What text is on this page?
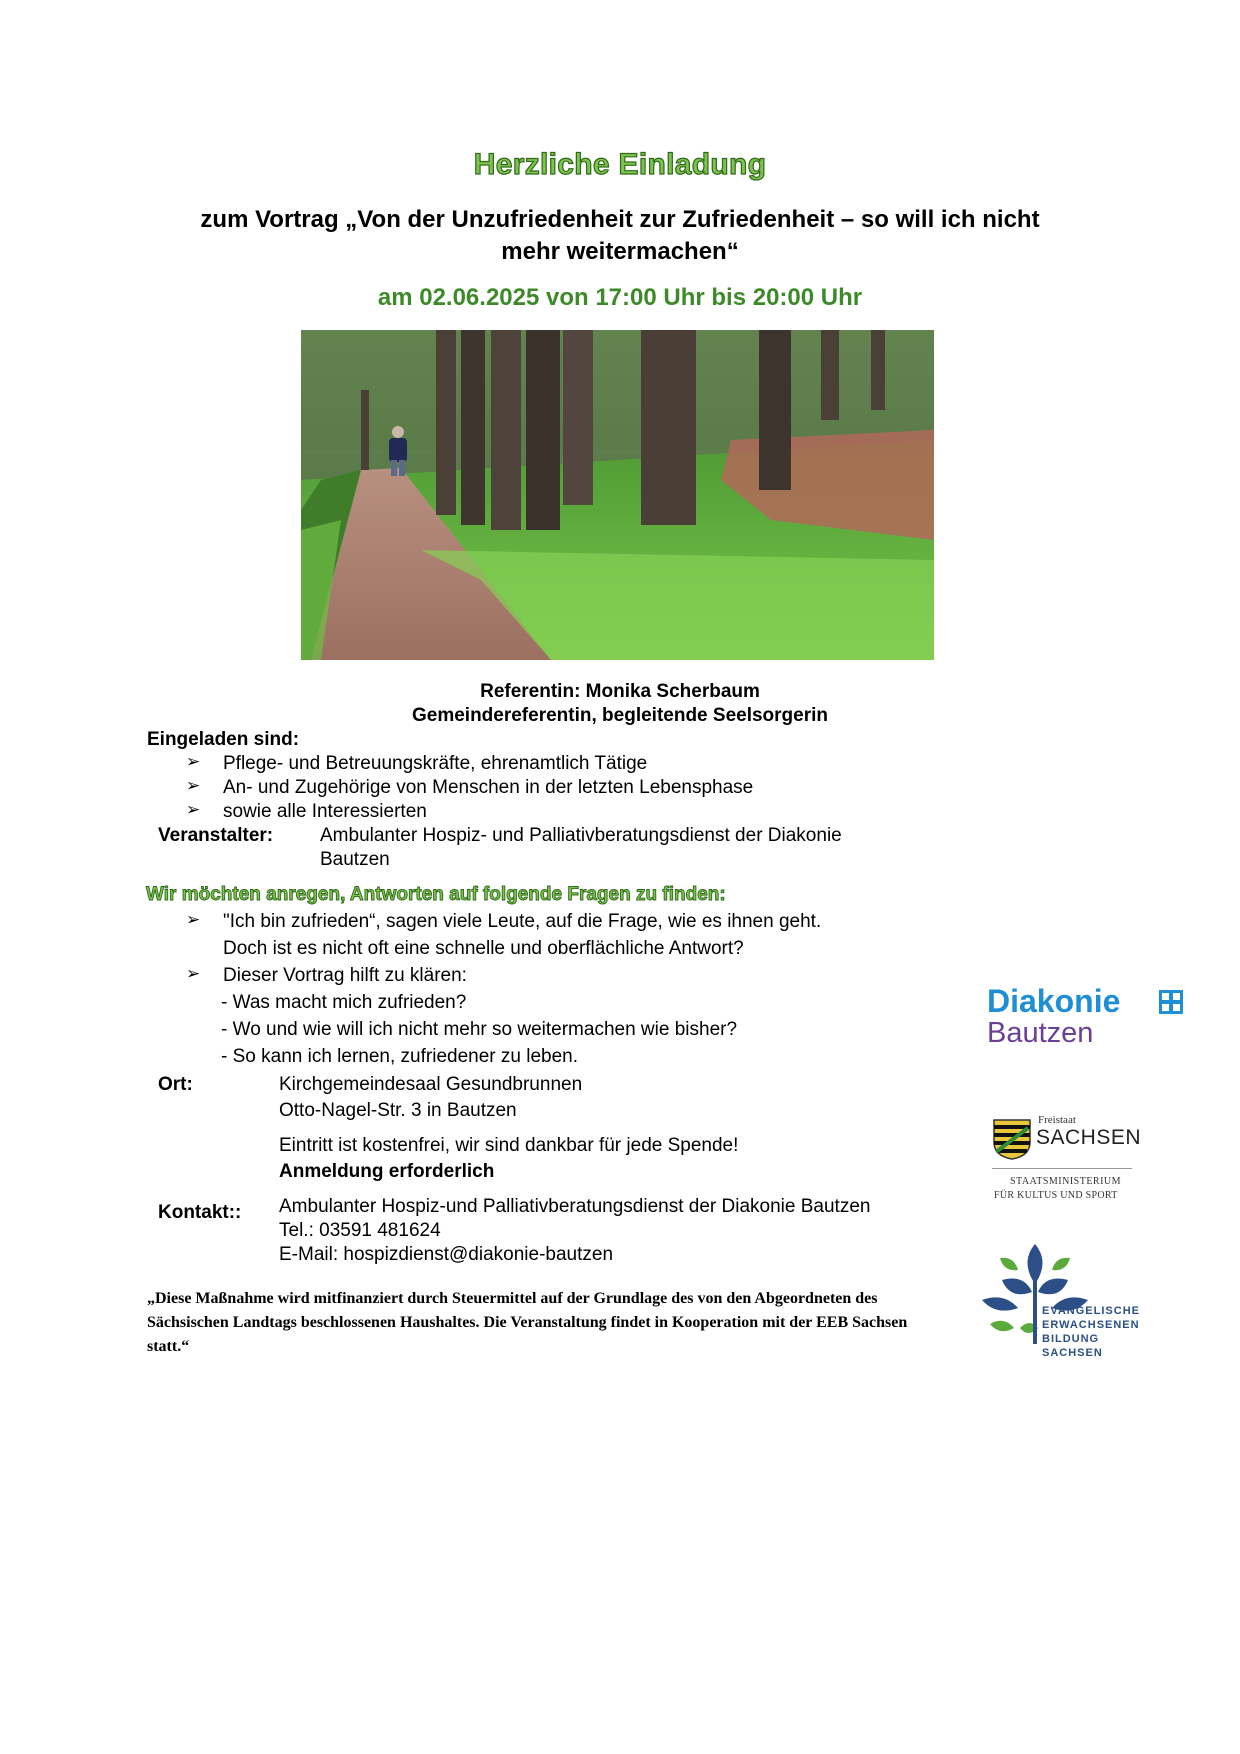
Herzliche Einladung
zum Vortrag „Von der Unzufriedenheit zur Zufriedenheit – so will ich nicht mehr weitermachen“
am 02.06.2025 von 17:00 Uhr bis 20:00 Uhr
Referentin: Monika Scherbaum
Gemeindereferentin, begleitende Seelsorgerin
Eingeladen sind:
➢ Pflege- und Betreuungskräfte, ehrenamtlich Tätige
➢ An- und Zugehörige von Menschen in der letzten Lebensphase
➢ sowie alle Interessierten
Veranstalter: Ambulanter Hospiz- und Palliativberatungsdienst der Diakonie
Bautzen
Wir möchten anregen, Antworten auf folgende Fragen zu finden:
➢ "Ich bin zufrieden“, sagen viele Leute, auf die Frage, wie es ihnen geht.
Doch ist es nicht oft eine schnelle und oberflächliche Antwort?
➢ Dieser Vortrag hilft zu klären:
- Was macht mich zufrieden?
- Wo und wie will ich nicht mehr so weitermachen wie bisher?
- So kann ich lernen, zufriedener zu leben.
Ort:	Kirchgemeindesaal Gesundbrunnen
Otto-Nagel-Str. 3 in Bautzen
Eintritt ist kostenfrei, wir sind dankbar für jede Spende!
Anmeldung erforderlich
Kontakt:: Ambulanter Hospiz-und Palliativberatungsdienst der Diakonie Bautzen
Tel.: 03591 481624
E-Mail: hospizdienst@diakonie-bautzen
„Diese Maßnahme wird mitfinanziert durch Steuermittel auf der Grundlage des von den Abgeordneten des Sächsischen Landtags beschlossenen Haushaltes. Die Veranstaltung findet in Kooperation mit der EEB Sachsen statt.“
Diakonie
Bautzen
Freistaat
SACHSEN
STAATSMINISTERIUM
FÜR KULTUS UND SPORT
EVANGELISCHE
ERWACHSENEN
BILDUNG SACHSEN
